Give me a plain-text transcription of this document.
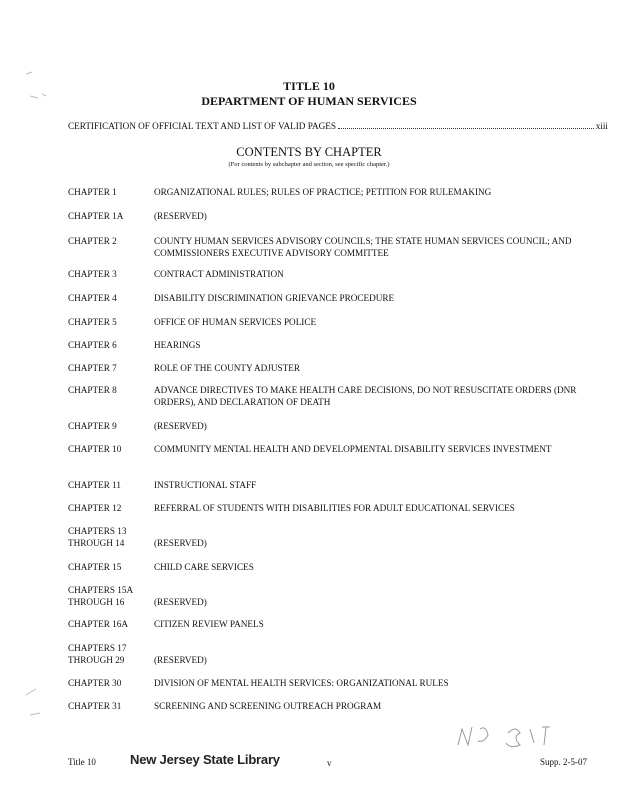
TITLE 10
DEPARTMENT OF HUMAN SERVICES
CERTIFICATION OF OFFICIAL TEXT AND LIST OF VALID PAGES	xiii
CONTENTS BY CHAPTER
(For contents by subchapter and section, see specific chapter.)
CHAPTER 1	ORGANIZATIONAL RULES; RULES OF PRACTICE; PETITION FOR RULEMAKING
CHAPTER 1A	(RESERVED)
CHAPTER 2	COUNTY HUMAN SERVICES ADVISORY COUNCILS; THE STATE HUMAN SERVICES COUNCIL; AND COMMISSIONERS EXECUTIVE ADVISORY COMMITTEE
CHAPTER 3	CONTRACT ADMINISTRATION
CHAPTER 4	DISABILITY DISCRIMINATION GRIEVANCE PROCEDURE
CHAPTER 5	OFFICE OF HUMAN SERVICES POLICE
CHAPTER 6	HEARINGS
CHAPTER 7	ROLE OF THE COUNTY ADJUSTER
CHAPTER 8	ADVANCE DIRECTIVES TO MAKE HEALTH CARE DECISIONS, DO NOT RESUSCITATE ORDERS (DNR ORDERS), AND DECLARATION OF DEATH
CHAPTER 9	(RESERVED)
CHAPTER 10	COMMUNITY MENTAL HEALTH AND DEVELOPMENTAL DISABILITY SERVICES INVESTMENT
CHAPTER 11	INSTRUCTIONAL STAFF
CHAPTER 12	REFERRAL OF STUDENTS WITH DISABILITIES FOR ADULT EDUCATIONAL SERVICES
CHAPTERS 13 THROUGH 14	(RESERVED)
CHAPTER 15	CHILD CARE SERVICES
CHAPTERS 15A THROUGH 16	(RESERVED)
CHAPTER 16A	CITIZEN REVIEW PANELS
CHAPTERS 17 THROUGH 29	(RESERVED)
CHAPTER 30	DIVISION OF MENTAL HEALTH SERVICES: ORGANIZATIONAL RULES
CHAPTER 31	SCREENING AND SCREENING OUTREACH PROGRAM
Title 10	New Jersey State Library	v	Supp. 2-5-07
